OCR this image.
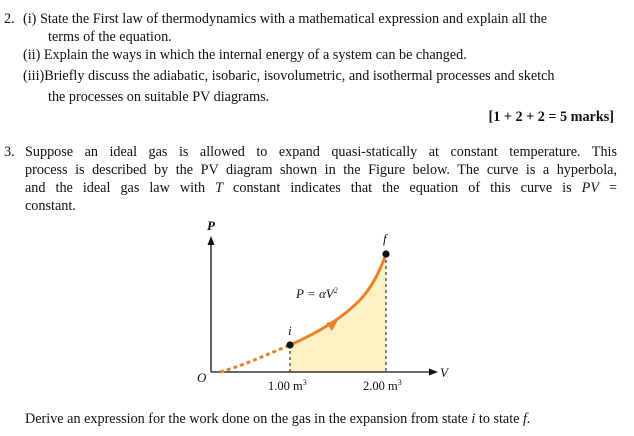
2. (i) State the First law of thermodynamics with a mathematical expression and explain all the
terms of the equation.
(ii) Explain the ways in which the internal energy of a system can be changed.
(iii)Briefly discuss the adiabatic, isobaric, isovolumetric, and isothermal processes and sketch
the processes on suitable PV diagrams.
[1 + 2 + 2 = 5 marks]
3. Suppose an ideal gas is allowed to expand quasi-statically at constant temperature. This
process is described by the PV diagram shown in the Figure below. The curve is a hyperbola,
and the ideal gas law with T constant indicates that the equation of this curve is PV =
constant.
P
V
O
i
f
$P = \alpha V^2$
1.00 $m^3$	2.00 $m^3$
Derive an expression for the work done on the gas in the expansion from state i to state f.
